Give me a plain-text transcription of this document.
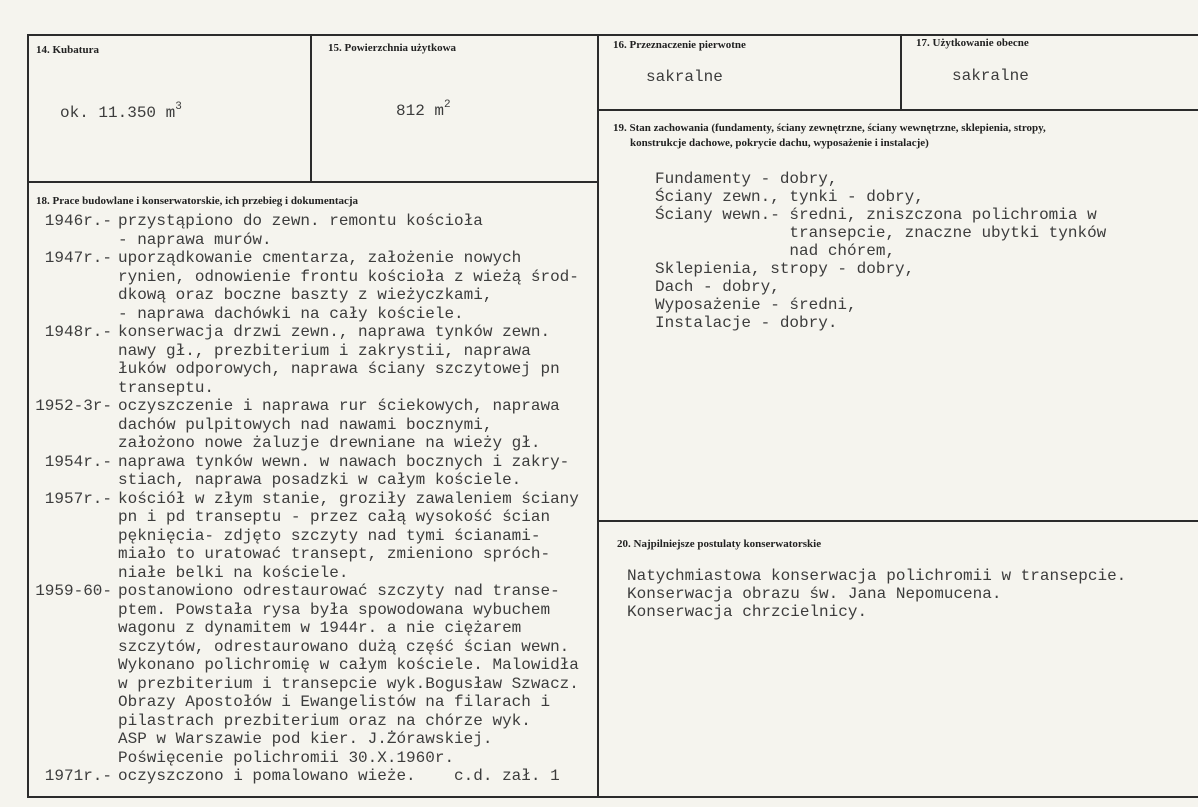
14. Kubatura
ok. 11.350 $m^3$
15. Powierzchnia użytkowa
812 $m^2$
16. Przeznaczenie pierwotne
sakralne
17. Użytkowanie obecne
sakralne
18. Prace budowlane i konserwatorskie, ich przebieg i dokumentacja
1946r.- przystąpiono do zewn. remontu kościoła
- naprawa murów.
1947r.- uporządkowanie cmentarza, założenie nowych
rynien, odnowienie frontu kościoła z wieżą środ-
dkową oraz boczne baszty z wieżyczkami,
- naprawa dachówki na cały kościele.
1948r.- konserwacja drzwi zewn., naprawa tynków zewn.
nawy gł., prezbiterium i zakrystii, naprawa
łuków odporowych, naprawa ściany szczytowej pn
transeptu.
1952-3r- oczyszczenie i naprawa rur ściekowych, naprawa
dachów pulpitowych nad nawami bocznymi,
założono nowe żaluzje drewniane na wieży gł.
1954r.- naprawa tynków wewn. w nawach bocznych i zakry-
stiach, naprawa posadzki w całym kościele.
1957r.- kościół w złym stanie, groziły zawaleniem ściany
pn i pd transeptu - przez całą wysokość ścian
pęknięcia- zdjęto szczyty nad tymi ścianami-
miało to uratować transept, zmieniono spróch-
niałe belki na kościele.
1959-60- postanowiono odrestaurować szczyty nad transe-
ptem. Powstała rysa była spowodowana wybuchem
wagonu z dynamitem w 1944r. a nie ciężarem
szczytów, odrestaurowano dużą część ścian wewn.
Wykonano polichromię w całym kościele. Malowidła
w prezbiterium i transepcie wyk.Bogusław Szwacz.
Obrazy Apostołów i Ewangelistów na filarach i
pilastrach prezbiterium oraz na chórze wyk.
ASP w Warszawie pod kier. J.Żórawskiej.
Poświęcenie polichromii 30.X.1960r.
1971r.- oczyszczono i pomalowano wieże.    c.d. zał. 1
19. Stan zachowania (fundamenty, ściany zewnętrzne, ściany wewnętrzne, sklepienia, stropy,
konstrukcje dachowe, pokrycie dachu, wyposażenie i instalacje)
Fundamenty - dobry,
Ściany zewn., tynki - dobry,
Ściany wewn.- średni, zniszczona polichromia w
transepcie, znaczne ubytki tynków
nad chórem,
Sklepienia, stropy - dobry,
Dach - dobry,
Wyposażenie - średni,
Instalacje - dobry.
20. Najpilniejsze postulaty konserwatorskie
Natychmiastowa konserwacja polichromii w transepcie.
Konserwacja obrazu św. Jana Nepomucena.
Konserwacja chrzcielnicy.
